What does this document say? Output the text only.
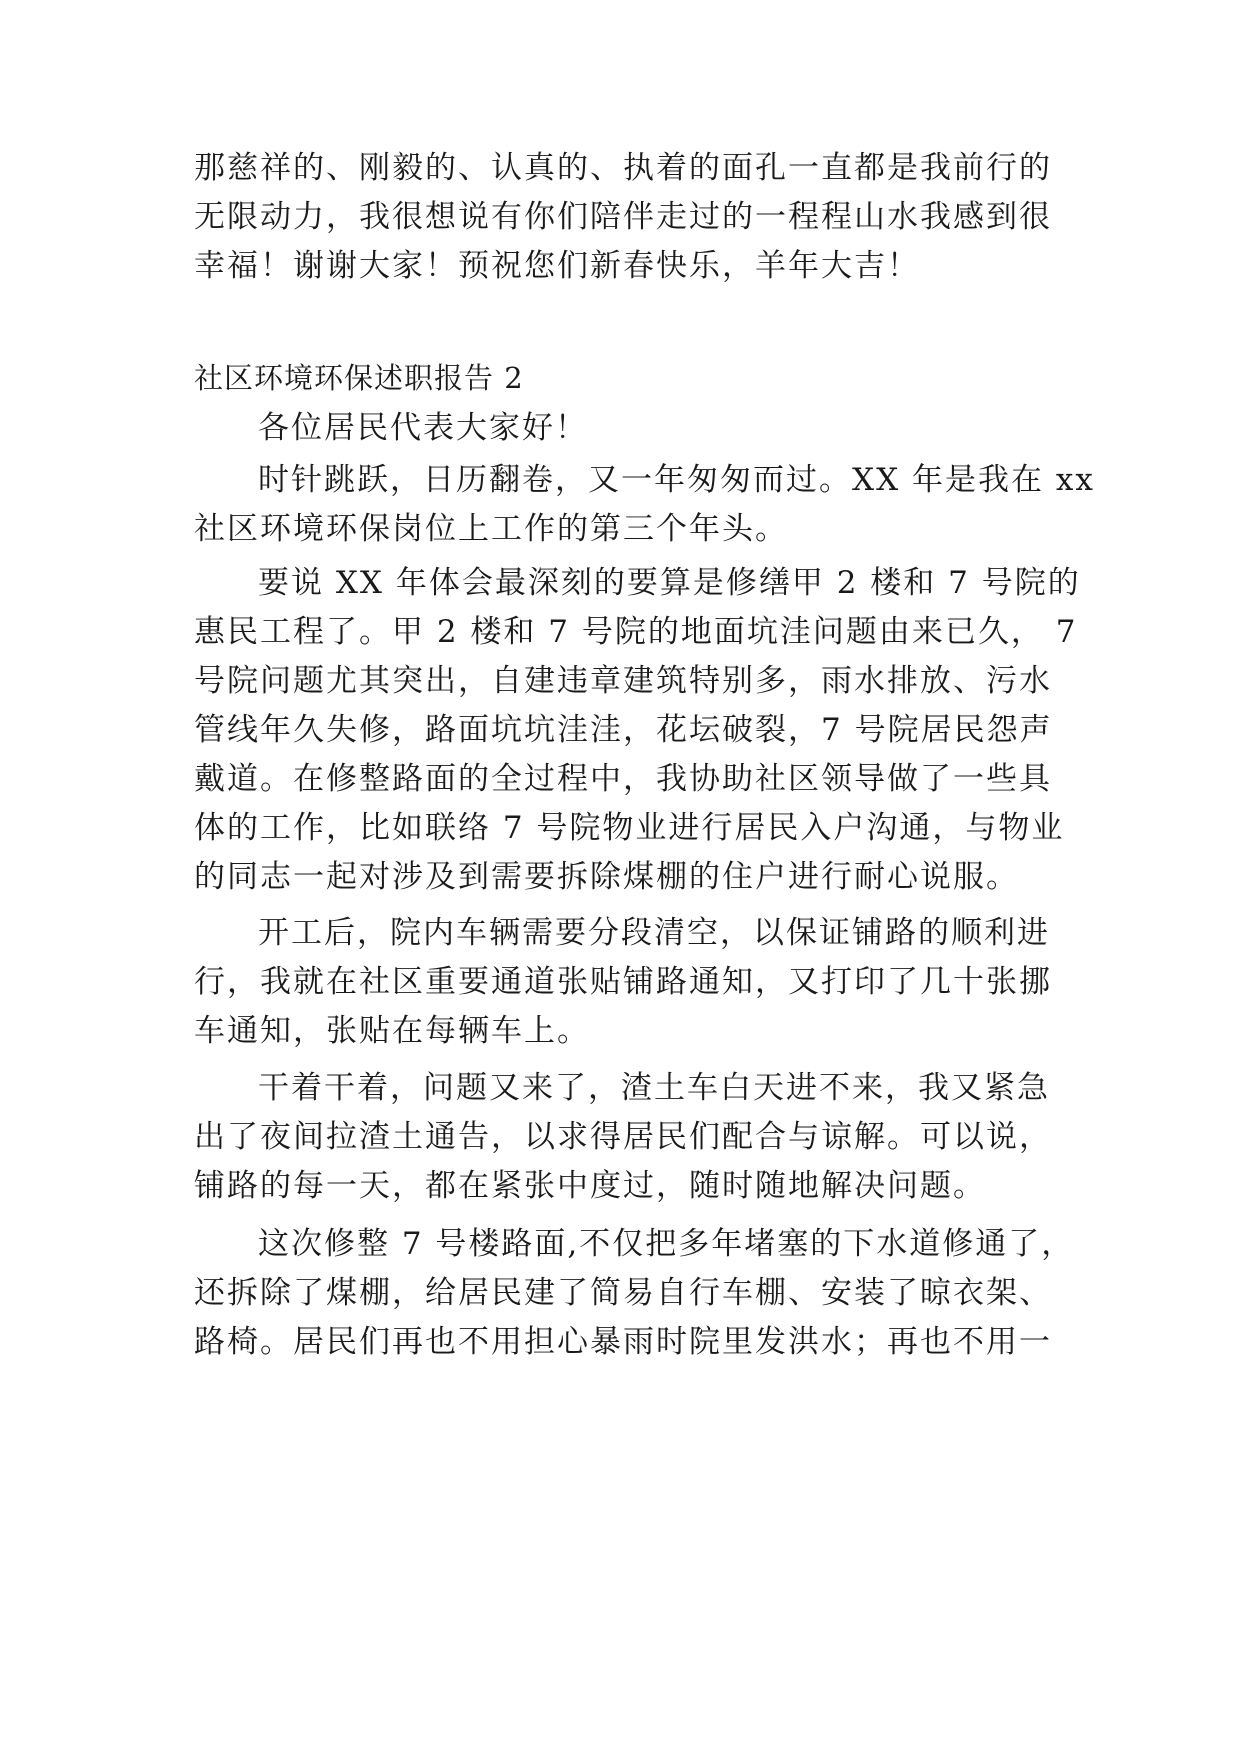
那慈祥的、刚毅的、认真的、执着的面孔一直都是我前行的
无限动力，我很想说有你们陪伴走过的一程程山水我感到很
幸福！谢谢大家！预祝您们新春快乐，羊年大吉！
社区环境环保述职报告 2
各位居民代表大家好！
时针跳跃，日历翻卷，又一年匆匆而过。XX 年是我在 xx
社区环境环保岗位上工作的第三个年头。
要说 XX 年体会最深刻的要算是修缮甲 2 楼和 7 号院的
惠民工程了。甲 2 楼和 7 号院的地面坑洼问题由来已久， 7
号院问题尤其突出，自建违章建筑特别多，雨水排放、污水
管线年久失修，路面坑坑洼洼，花坛破裂，7 号院居民怨声
戴道。在修整路面的全过程中，我协助社区领导做了一些具
体的工作，比如联络 7 号院物业进行居民入户沟通，与物业
的同志一起对涉及到需要拆除煤棚的住户进行耐心说服。
开工后，院内车辆需要分段清空，以保证铺路的顺利进
行，我就在社区重要通道张贴铺路通知，又打印了几十张挪
车通知，张贴在每辆车上。
干着干着，问题又来了，渣土车白天进不来，我又紧急
出了夜间拉渣土通告，以求得居民们配合与谅解。可以说，
铺路的每一天，都在紧张中度过，随时随地解决问题。
这次修整 7 号楼路面,不仅把多年堵塞的下水道修通了，
还拆除了煤棚，给居民建了简易自行车棚、安装了晾衣架、
路椅。居民们再也不用担心暴雨时院里发洪水；再也不用一
